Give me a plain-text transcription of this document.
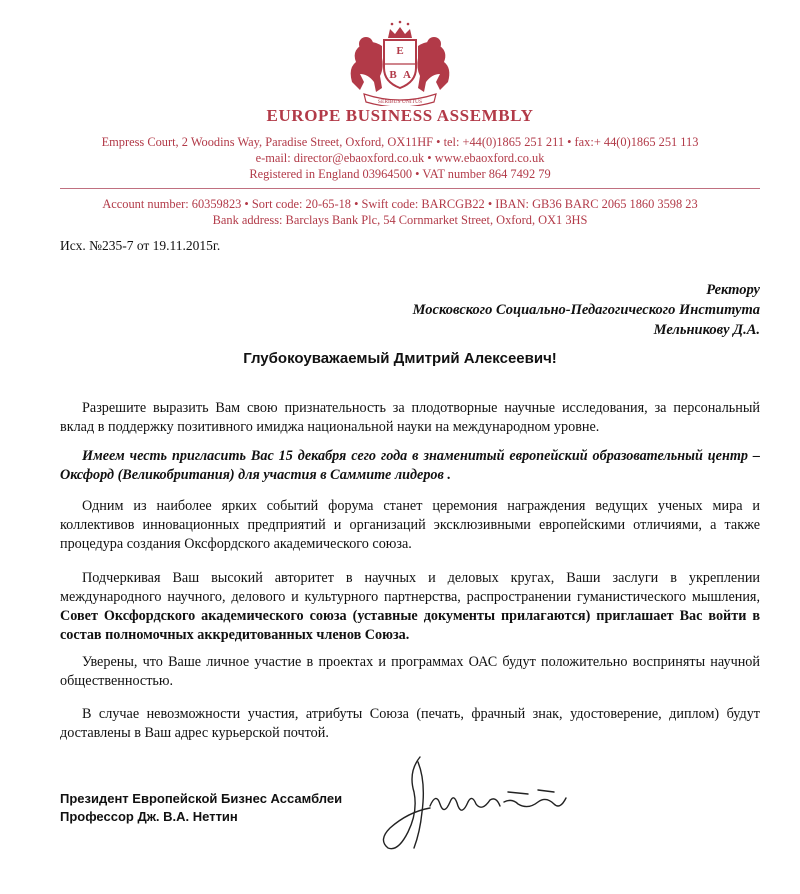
E
B A
SERIBUS UNITUS
EUROPE BUSINESS ASSEMBLY
Empress Court, 2 Woodins Way, Paradise Street, Oxford, OX11HF • tel: +44(0)1865 251 211 • fax:+ 44(0)1865 251 113
e-mail: director@ebaoxford.co.uk • www.ebaoxford.co.uk
Registered in England 03964500 • VAT number 864 7492 79
Account number: 60359823 • Sort code: 20-65-18 • Swift code: BARCGB22 • IBAN: GB36 BARC 2065 1860 3598 23
Bank address: Barclays Bank Plc, 54 Cornmarket Street, Oxford, OX1 3HS
Исх. №235-7 от 19.11.2015г.
Ректору
Московского Социально-Педагогического Института
Мельникову Д.А.
Глубокоуважаемый Дмитрий Алексеевич!
Разрешите выразить Вам свою признательность за плодотворные научные исследования, за персональный вклад в поддержку позитивного имиджа национальной науки на международном уровне.
Имеем честь пригласить Вас 15 декабря сего года в знаменитый европейский образовательный центр – Оксфорд (Великобритания) для участия в Саммите лидеров .
Одним из наиболее ярких событий форума станет церемония награждения ведущих ученых мира и коллективов инновационных предприятий и организаций эксклюзивными европейскими отличиями, а также процедура создания Оксфордского академического союза.
Подчеркивая Ваш высокий авторитет в научных и деловых кругах, Ваши заслуги в укреплении международного научного, делового и культурного партнерства, распространении гуманистического мышления, Совет Оксфордского академического союза (уставные документы прилагаются) приглашает Вас войти в состав полномочных аккредитованных членов Союза.
Уверены, что Ваше личное участие в проектах и программах ОАС будут положительно восприняты научной общественностью.
В случае невозможности участия, атрибуты Союза (печать, фрачный знак, удостоверение, диплом) будут доставлены в Ваш адрес курьерской почтой.
Президент Европейской Бизнес Ассамблеи
Профессор Дж. В.А. Неттин
